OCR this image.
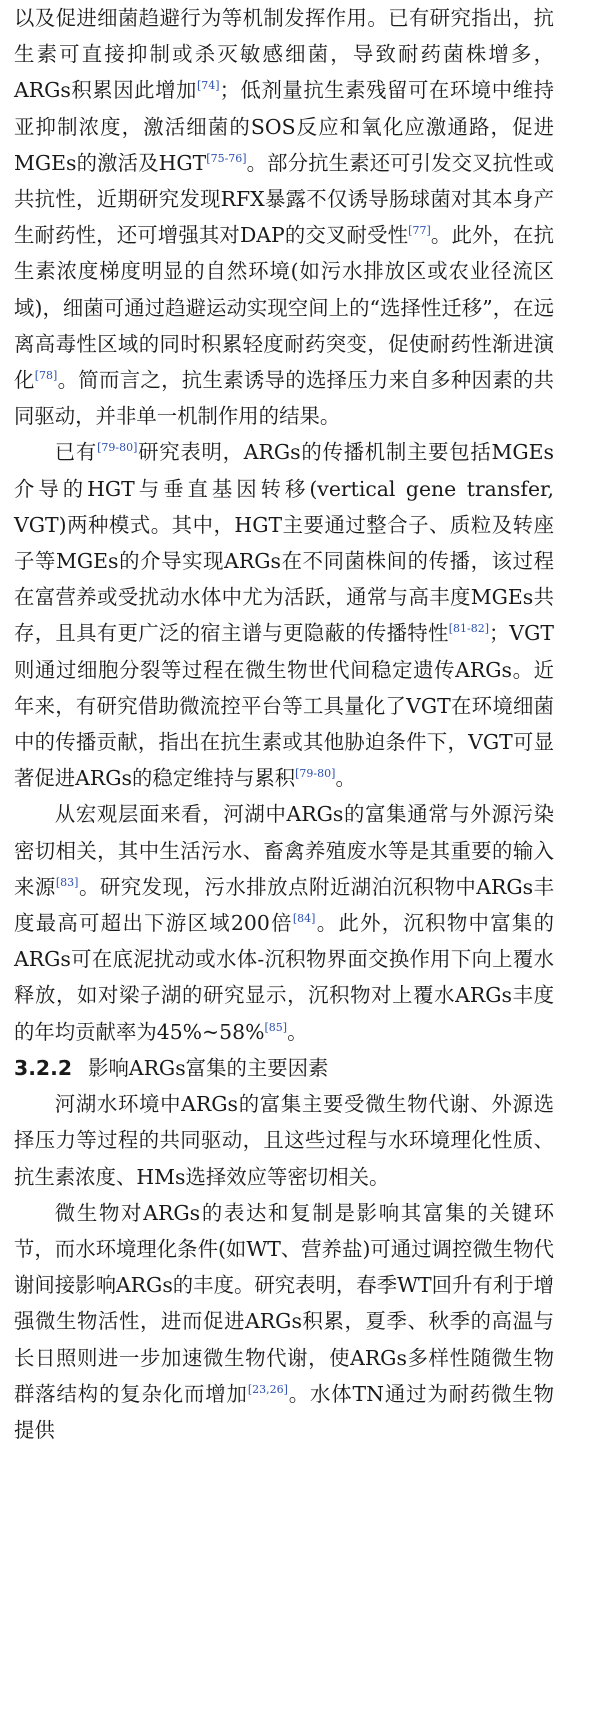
以及促进细菌趋避行为等机制发挥作用。已有研究指出，抗生素可直接抑制或杀灭敏感细菌，导致耐药菌株增多，ARGs积累因此增加[74]；低剂量抗生素残留可在环境中维持亚抑制浓度，激活细菌的SOS反应和氧化应激通路，促进MGEs的激活及HGT[75-76]。部分抗生素还可引发交叉抗性或共抗性，近期研究发现RFX暴露不仅诱导肠球菌对其本身产生耐药性，还可增强其对DAP的交叉耐受性[77]。此外，在抗生素浓度梯度明显的自然环境(如污水排放区或农业径流区域)，细菌可通过趋避运动实现空间上的“选择性迁移”，在远离高毒性区域的同时积累轻度耐药突变，促使耐药性渐进演化[78]。简而言之，抗生素诱导的选择压力来自多种因素的共同驱动，并非单一机制作用的结果。

已有[79-80]研究表明，ARGs的传播机制主要包括MGEs介导的HGT与垂直基因转移(vertical gene transfer, VGT)两种模式。其中，HGT主要通过整合子、质粒及转座子等MGEs的介导实现ARGs在不同菌株间的传播，该过程在富营养或受扰动水体中尤为活跃，通常与高丰度MGEs共存，且具有更广泛的宿主谱与更隐蔽的传播特性[81-82]；VGT则通过细胞分裂等过程在微生物世代间稳定遗传ARGs。近年来，有研究借助微流控平台等工具量化了VGT在环境细菌中的传播贡献，指出在抗生素或其他胁迫条件下，VGT可显著促进ARGs的稳定维持与累积[79-80]。

从宏观层面来看，河湖中ARGs的富集通常与外源污染密切相关，其中生活污水、畜禽养殖废水等是其重要的输入来源[83]。研究发现，污水排放点附近湖泊沉积物中ARGs丰度最高可超出下游区域200倍[84]。此外，沉积物中富集的ARGs可在底泥扰动或水体-沉积物界面交换作用下向上覆水释放，如对梁子湖的研究显示，沉积物对上覆水ARGs丰度的年均贡献率为45%~58%[85]。

3.2.2 影响ARGs富集的主要因素

河湖水环境中ARGs的富集主要受微生物代谢、外源选择压力等过程的共同驱动，且这些过程与水环境理化性质、抗生素浓度、HMs选择效应等密切相关。

微生物对ARGs的表达和复制是影响其富集的关键环节，而水环境理化条件(如WT、营养盐)可通过调控微生物代谢间接影响ARGs的丰度。研究表明，春季WT回升有利于增强微生物活性，进而促进ARGs积累，夏季、秋季的高温与长日照则进一步加速微生物代谢，使ARGs多样性随微生物群落结构的复杂化而增加[23,26]。水体TN通过为耐药微生物提供
